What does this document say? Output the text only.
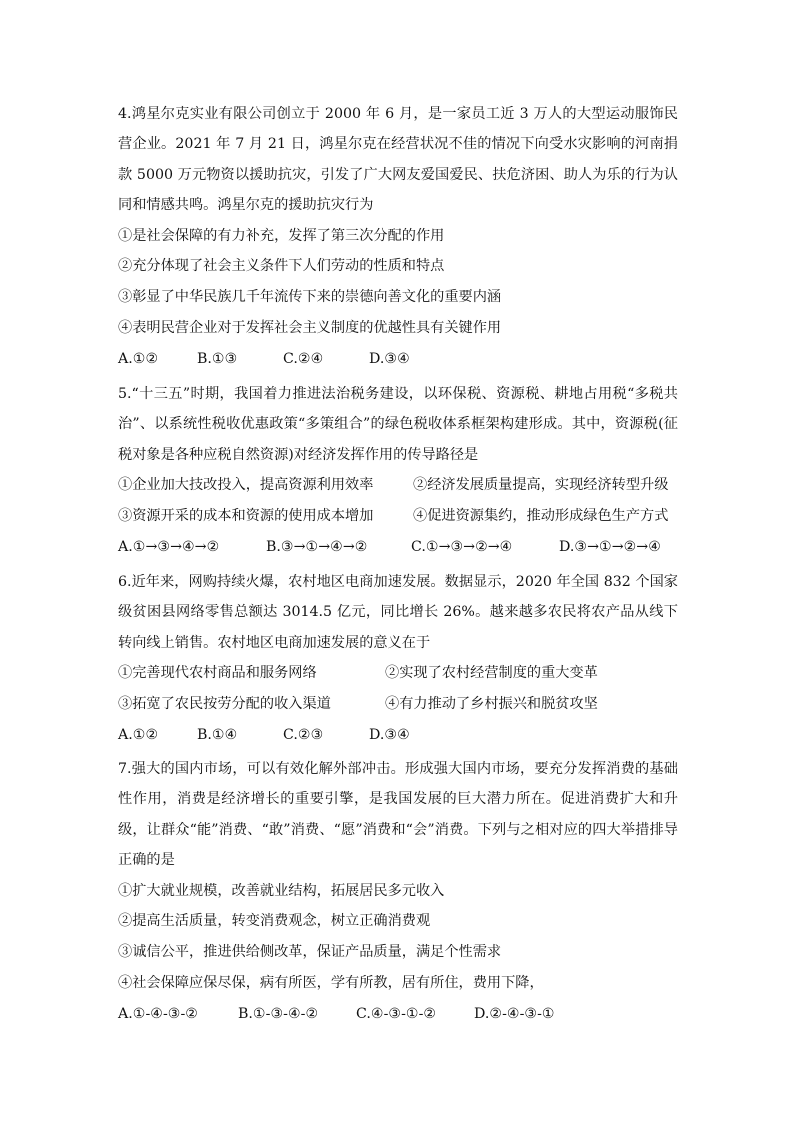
4.鸿星尔克实业有限公司创立于 2000 年 6 月，是一家员工近 3 万人的大型运动服饰民营企业。2021 年 7 月 21 日，鸿星尔克在经营状况不佳的情况下向受水灾影响的河南捐款 5000 万元物资以援助抗灾，引发了广大网友爱国爱民、扶危济困、助人为乐的行为认同和情感共鸣。鸿星尔克的援助抗灾行为

①是社会保障的有力补充，发挥了第三次分配的作用

②充分体现了社会主义条件下人们劳动的性质和特点

③彰显了中华民族几千年流传下来的崇德向善文化的重要内涵

④表明民营企业对于发挥社会主义制度的优越性具有关键作用

A.①②	B.①③	C.②④	D.③④

5.“十三五”时期，我国着力推进法治税务建设，以环保税、资源税、耕地占用税“多税共治”、以系统性税收优惠政策“多策组合”的绿色税收体系框架构建形成。其中，资源税(征税对象是各种应税自然资源)对经济发挥作用的传导路径是

①企业加大技改投入，提高资源利用效率	②经济发展质量提高，实现经济转型升级
③资源开采的成本和资源的使用成本增加	④促进资源集约，推动形成绿色生产方式
A.①→③→④→②	B.③→①→④→②	C.①→③→②→④	D.③→①→②→④

6.近年来，网购持续火爆，农村地区电商加速发展。数据显示，2020 年全国 832 个国家级贫困县网络零售总额达 3014.5 亿元，同比增长 26%。越来越多农民将农产品从线下转向线上销售。农村地区电商加速发展的意义在于

①完善现代农村商品和服务网络	②实现了农村经营制度的重大变革
③拓宽了农民按劳分配的收入渠道	④有力推动了乡村振兴和脱贫攻坚
A.①②	B.①④	C.②③	D.③④

7.强大的国内市场，可以有效化解外部冲击。形成强大国内市场，要充分发挥消费的基础性作用，消费是经济增长的重要引擎，是我国发展的巨大潜力所在。促进消费扩大和升级，让群众“能”消费、“敢”消费、“愿”消费和“会”消费。下列与之相对应的四大举措排导正确的是

①扩大就业规模，改善就业结构，拓展居民多元收入

②提高生活质量，转变消费观念，树立正确消费观

③诚信公平，推进供给侧改革，保证产品质量，满足个性需求

④社会保障应保尽保，病有所医，学有所教，居有所住，费用下降，

A.①-④-③-②	B.①-③-④-②	C.④-③-①-②	D.②-④-③-①
